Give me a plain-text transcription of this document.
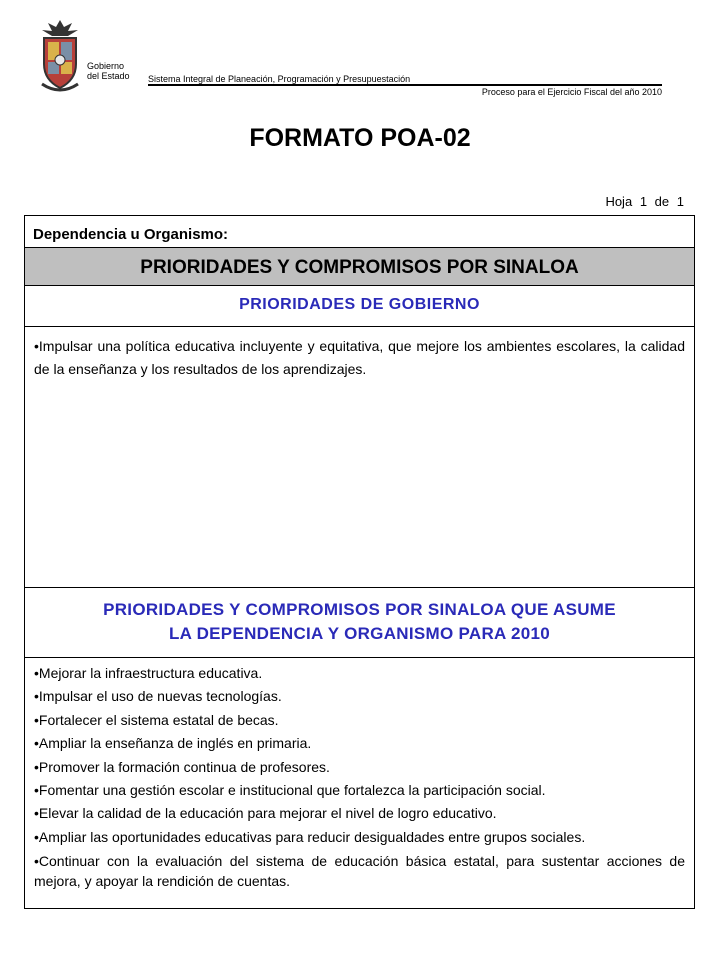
Gobierno
del Estado Sistema Integral de Planeación, Programación y Presupuestación
Proceso para el Ejercicio Fiscal del año 2010
FORMATO POA-02
Hoja 1 de 1
Dependencia u Organismo:
PRIORIDADES Y COMPROMISOS POR SINALOA
PRIORIDADES DE GOBIERNO
•Impulsar una política educativa incluyente y equitativa, que mejore los ambientes escolares, la calidad de la enseñanza y los resultados de los aprendizajes.
PRIORIDADES Y COMPROMISOS POR SINALOA QUE ASUME
LA DEPENDENCIA Y ORGANISMO PARA 2010
•Mejorar la infraestructura educativa.
•Impulsar el uso de nuevas tecnologías.
•Fortalecer el sistema estatal de becas.
•Ampliar la enseñanza de inglés en primaria.
•Promover la formación continua de profesores.
•Fomentar una gestión escolar e institucional que fortalezca la participación social.
•Elevar la calidad de la educación para mejorar el nivel de logro educativo.
•Ampliar las oportunidades educativas para reducir desigualdades entre grupos sociales.
•Continuar con la evaluación del sistema de educación básica estatal, para sustentar acciones de mejora, y apoyar la rendición de cuentas.
